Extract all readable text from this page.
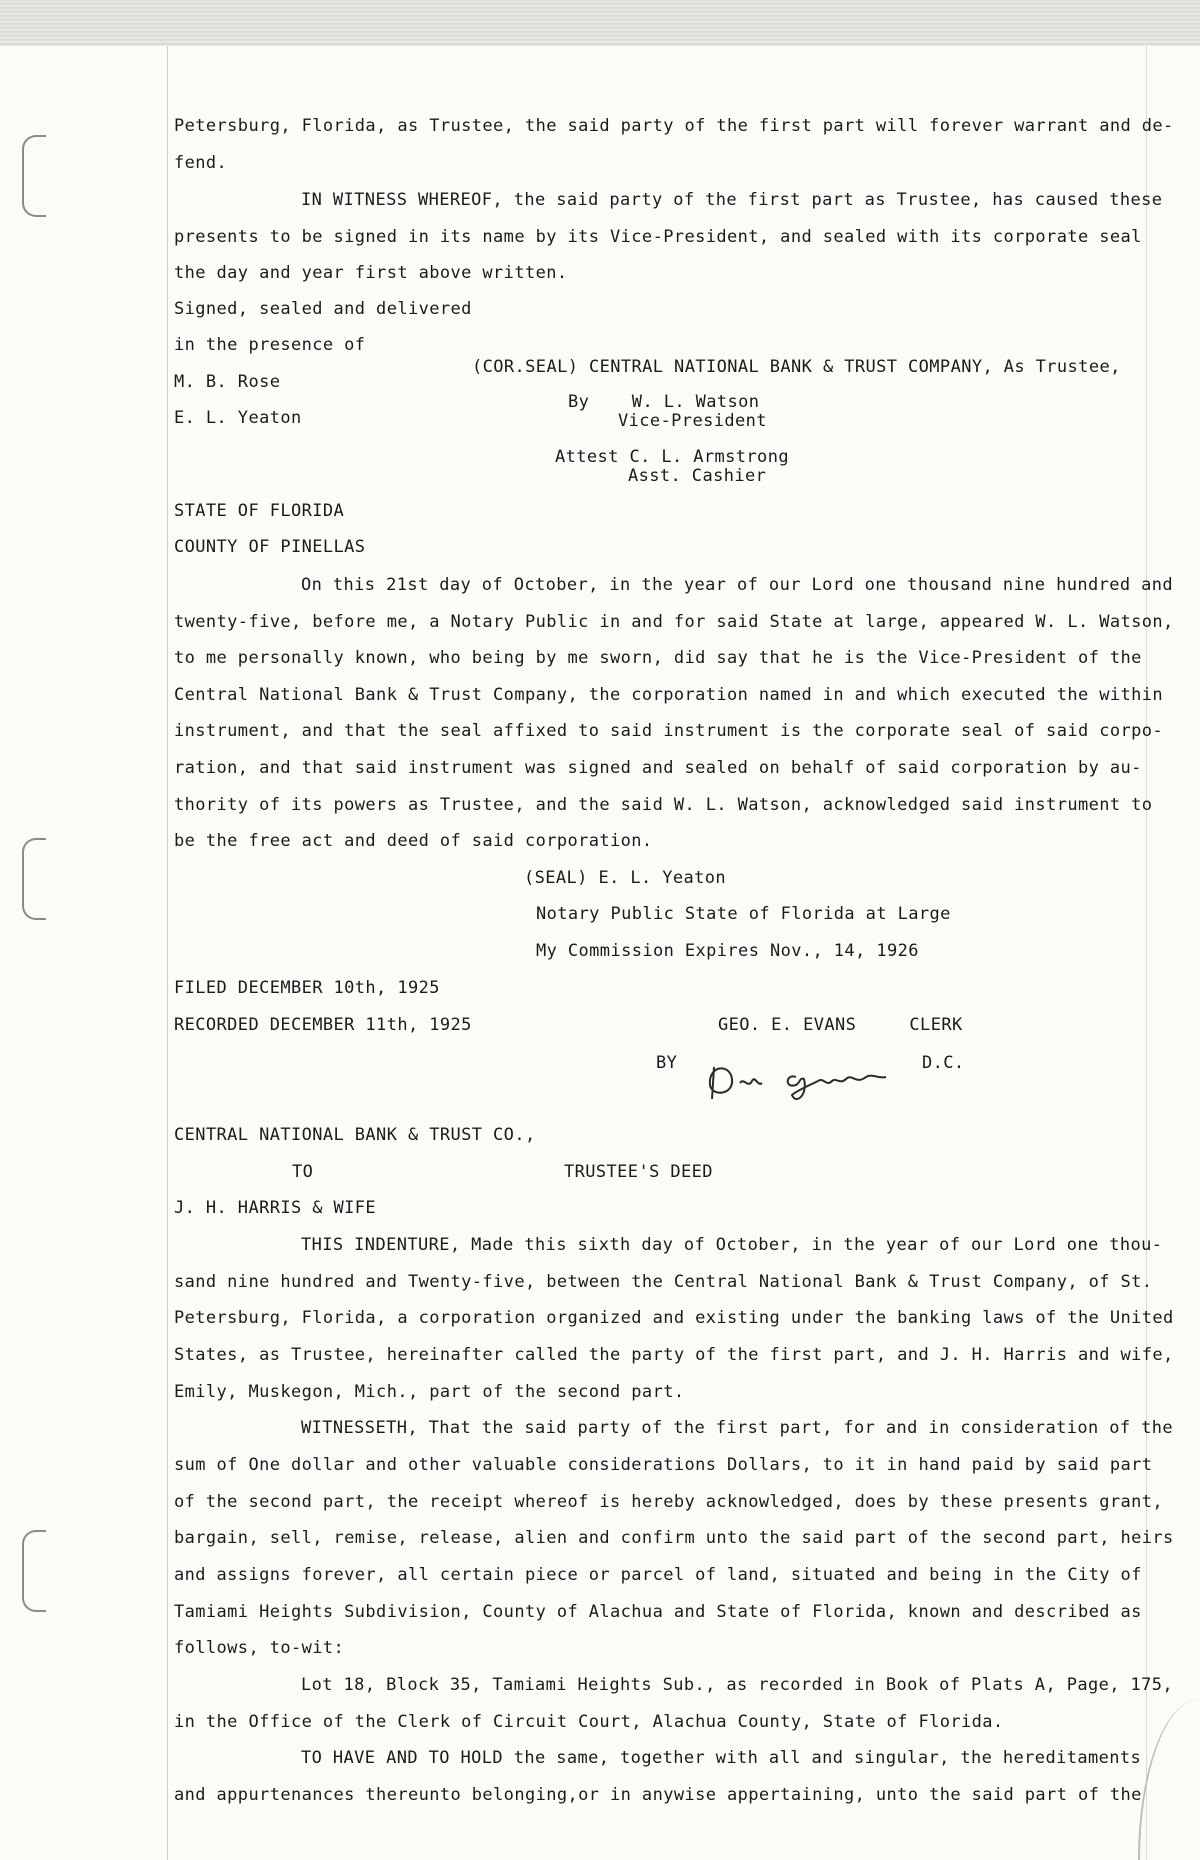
Petersburg, Florida, as Trustee, the said party of the first part will forever warrant and de-
fend.
IN WITNESS WHEREOF, the said party of the first part as Trustee, has caused these
presents to be signed in its name by its Vice-President, and sealed with its corporate seal
the day and year first above written.
Signed, sealed and delivered
in the presence of
(COR.SEAL) CENTRAL NATIONAL BANK & TRUST COMPANY, As Trustee,
M. B. Rose
By    W. L. Watson
E. L. Yeaton	Vice-President
Attest C. L. Armstrong
Asst. Cashier
STATE OF FLORIDA
COUNTY OF PINELLAS
On this 21st day of October, in the year of our Lord one thousand nine hundred and
twenty-five, before me, a Notary Public in and for said State at large, appeared W. L. Watson,
to me personally known, who being by me sworn, did say that he is the Vice-President of the
Central National Bank & Trust Company, the corporation named in and which executed the within
instrument, and that the seal affixed to said instrument is the corporate seal of said corpo-
ration, and that said instrument was signed and sealed on behalf of said corporation by au-
thority of its powers as Trustee, and the said W. L. Watson, acknowledged said instrument to
be the free act and deed of said corporation.
(SEAL) E. L. Yeaton
Notary Public State of Florida at Large
My Commission Expires Nov., 14, 1926
FILED DECEMBER 10th, 1925
RECORDED DECEMBER 11th, 1925	GEO. E. EVANS     CLERK
BY	D.C.
CENTRAL NATIONAL BANK & TRUST CO.,
TO	TRUSTEE'S DEED
J. H. HARRIS & WIFE
THIS INDENTURE, Made this sixth day of October, in the year of our Lord one thou-
sand nine hundred and Twenty-five, between the Central National Bank & Trust Company, of St.
Petersburg, Florida, a corporation organized and existing under the banking laws of the United
States, as Trustee, hereinafter called the party of the first part, and J. H. Harris and wife,
Emily, Muskegon, Mich., part of the second part.
WITNESSETH, That the said party of the first part, for and in consideration of the
sum of One dollar and other valuable considerations Dollars, to it in hand paid by said part
of the second part, the receipt whereof is hereby acknowledged, does by these presents grant,
bargain, sell, remise, release, alien and confirm unto the said part of the second part, heirs
and assigns forever, all certain piece or parcel of land, situated and being in the City of
Tamiami Heights Subdivision, County of Alachua and State of Florida, known and described as
follows, to-wit:
Lot 18, Block 35, Tamiami Heights Sub., as recorded in Book of Plats A, Page, 175,
in the Office of the Clerk of Circuit Court, Alachua County, State of Florida.
TO HAVE AND TO HOLD the same, together with all and singular, the hereditaments
and appurtenances thereunto belonging,or in anywise appertaining, unto the said part of the
